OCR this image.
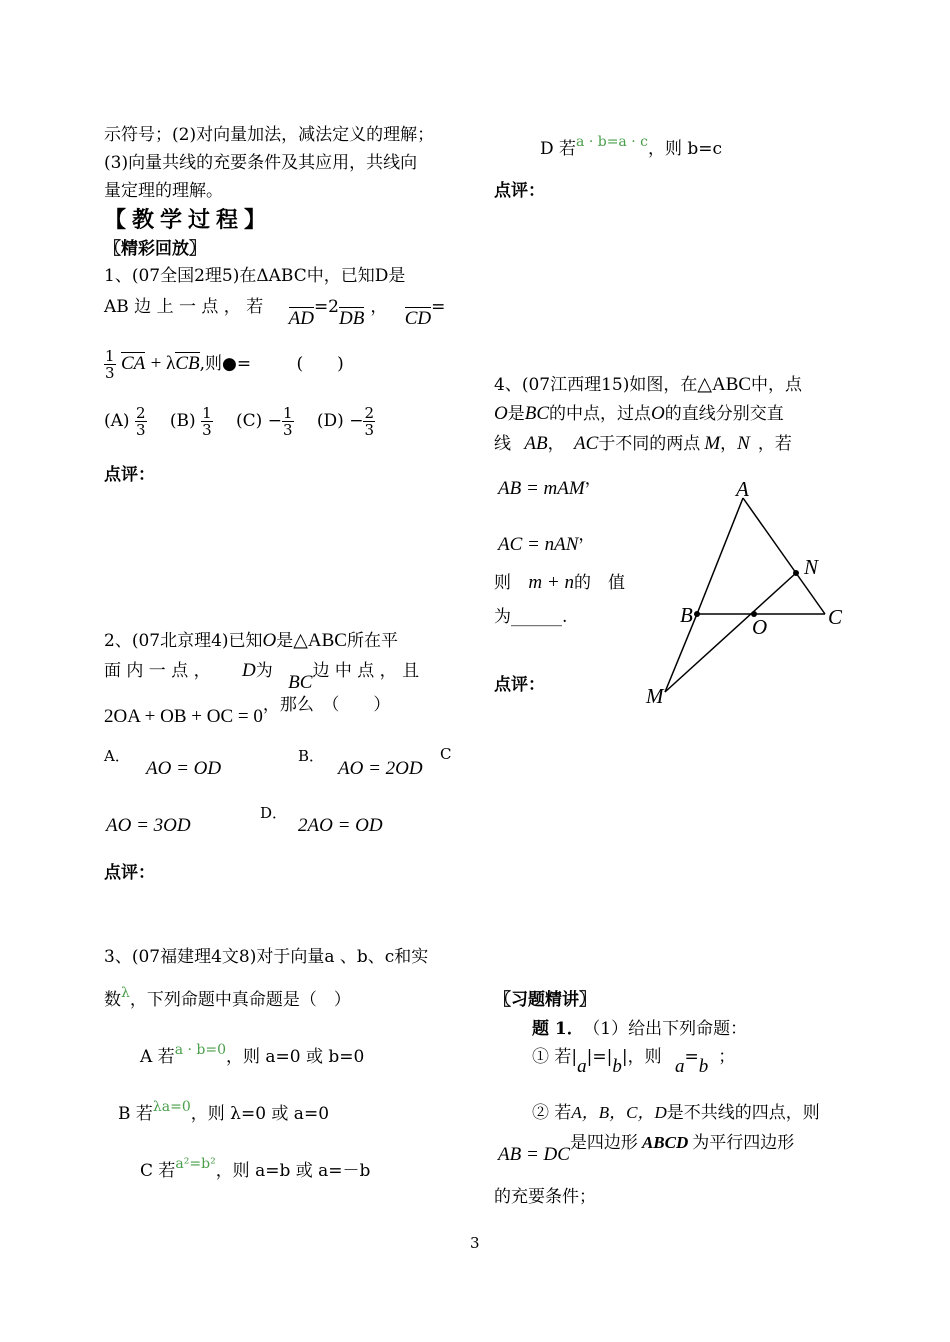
示符号；(2)对向量加法，减法定义的理解；
(3)向量共线的充要条件及其应用，共线向
量定理的理解。
【教学过程】
〖精彩回放〗
1、(07全国2理5)在ΔABC中，已知D是
AB 边 上 一 点 ， 若 AD=2DB， CD=
$\frac{1}{3}$ CA + λCB,则●=	(　　)
$(A) \frac{2}{3} (B) \frac{1}{3} (C) - \frac{1}{3} (D) - \frac{2}{3}$
点评：
2、(07北京理4)已知O是△ABC所在平
面 内 一 点 ， D为 BC边 中 点 ， 且
2OA + OB + OC = 0，那么　（　　）
A．
AO = OD
B．
AO = 2OD
C
AO = 3OD
D．
2AO = OD
点评：
3、(07福建理4文8)对于向量a 、b、c和实
数$^\lambda$，下列命题中真命题是（　）
A 若$^{a \cdot b=0}$，则 a=0 或 b=0
B 若$^{\lambda a=0}$，则 λ=0 或 a=0
C 若$^{a^2=b^2}$，则 a=b 或 a=－b
D 若$^{a \cdot b=a \cdot c}$，则 b=c
点评：
4、(07江西理15)如图，在△ABC中，点
O是BC的中点，过点O的直线分别交直
线 AB， AC于不同的两点 M，N ，若
AB = mAM，
AC = nAN，
则 m + n的　值
为______.
点评：
A
B	C
N
O
M
〖习题精讲〗
题 1． （1）给出下列命题：
① 若|a|=|b|，则 a=b ；
② 若A，B，C，D是不共线的四点，则
AB = DC是四边形 ABCD 为平行四边形
的充要条件；
3
